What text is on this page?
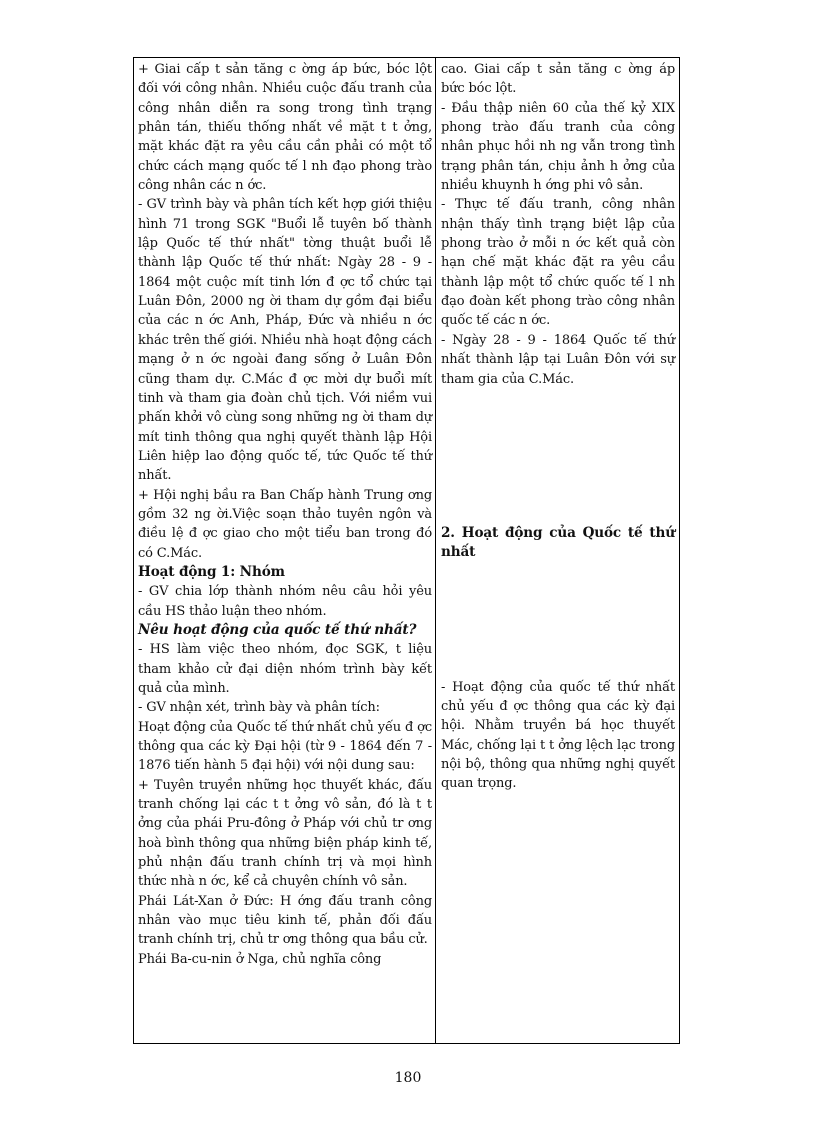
+ Giai cấp t sản tăng c ờng áp bức, bóc lột đối với công nhân. Nhiều cuộc đấu tranh của công nhân diễn ra song trong tình trạng phân tán, thiếu thống nhất về mặt t t ởng, mặt khác đặt ra yêu cầu cần phải có một tổ chức cách mạng quốc tế l nh đạo phong trào công nhân các n ớc.

- GV trình bày và phân tích kết hợp giới thiệu hình 71 trong SGK "Buổi lễ tuyên bố thành lập Quốc tế thứ nhất" tờng thuật buổi lễ thành lập Quốc tế thứ nhất: Ngày 28 - 9 - 1864 một cuộc mít tinh lớn đ ợc tổ chức tại Luân Đôn, 2000 ng ời tham dự gồm đại biểu của các n ớc Anh, Pháp, Đức và nhiều n ớc khác trên thế giới. Nhiều nhà hoạt động cách mạng ở n ớc ngoài đang sống ở Luân Đôn cũng tham dự. C.Mác đ ợc mời dự buổi mít tinh và tham gia đoàn chủ tịch. Với niềm vui phấn khởi vô cùng song những ng ời tham dự mít tinh thông qua nghị quyết thành lập Hội Liên hiệp lao động quốc tế, tức Quốc tế thứ nhất.

+ Hội nghị bầu ra Ban Chấp hành Trung ơng gồm 32 ng ời.Việc soạn thảo tuyên ngôn và điều lệ đ ợc giao cho một tiểu ban trong đó có C.Mác.

Hoạt động 1: Nhóm

- GV chia lớp thành nhóm nêu câu hỏi yêu cầu HS thảo luận theo nhóm.

Nêu hoạt động của quốc tế thứ nhất?

- HS làm việc theo nhóm, đọc SGK, t liệu tham khảo cử đại diện nhóm trình bày kết quả của mình.

- GV nhận xét, trình bày và phân tích:

Hoạt động của Quốc tế thứ nhất chủ yếu đ ợc thông qua các kỳ Đại hội (từ 9 - 1864 đến 7 - 1876 tiến hành 5 đại hội) với nội dung sau:

+ Tuyên truyền những học thuyết khác, đấu tranh chống lại các t t ởng vô sản, đó là t t ởng của phái Pru-đông ở Pháp với chủ tr ơng hoà bình thông qua những biện pháp kinh tế, phủ nhận đấu tranh chính trị và mọi hình thức nhà n ớc, kể cả chuyên chính vô sản.

Phái Lát-Xan ở Đức: H ớng đấu tranh công nhân vào mục tiêu kinh tế, phản đối đấu tranh chính trị, chủ tr ơng thông qua bầu cử.

Phái Ba-cu-nin ở Nga, chủ nghĩa công

cao. Giai cấp t sản tăng c ờng áp bức bóc lột.

- Đầu thập niên 60 của thế kỷ XIX phong trào đấu tranh của công nhân phục hồi nh ng vẫn trong tình trạng phân tán, chịu ảnh h ởng của nhiều khuynh h ớng phi vô sản.

- Thực tế đấu tranh, công nhân nhận thấy tình trạng biệt lập của phong trào ở mỗi n ớc kết quả còn hạn chế mặt khác đặt ra yêu cầu thành lập một tổ chức quốc tế l nh đạo đoàn kết phong trào công nhân quốc tế các n ớc.

- Ngày 28 - 9 - 1864 Quốc tế thứ nhất thành lập tại Luân Đôn với sự tham gia của C.Mác.

2. Hoạt động của Quốc tế thứ nhất

- Hoạt động của quốc tế thứ nhất chủ yếu đ ợc thông qua các kỳ đại hội. Nhằm truyền bá học thuyết Mác, chống lại t t ởng lệch lạc trong nội bộ, thông qua những nghị quyết quan trọng.

180
